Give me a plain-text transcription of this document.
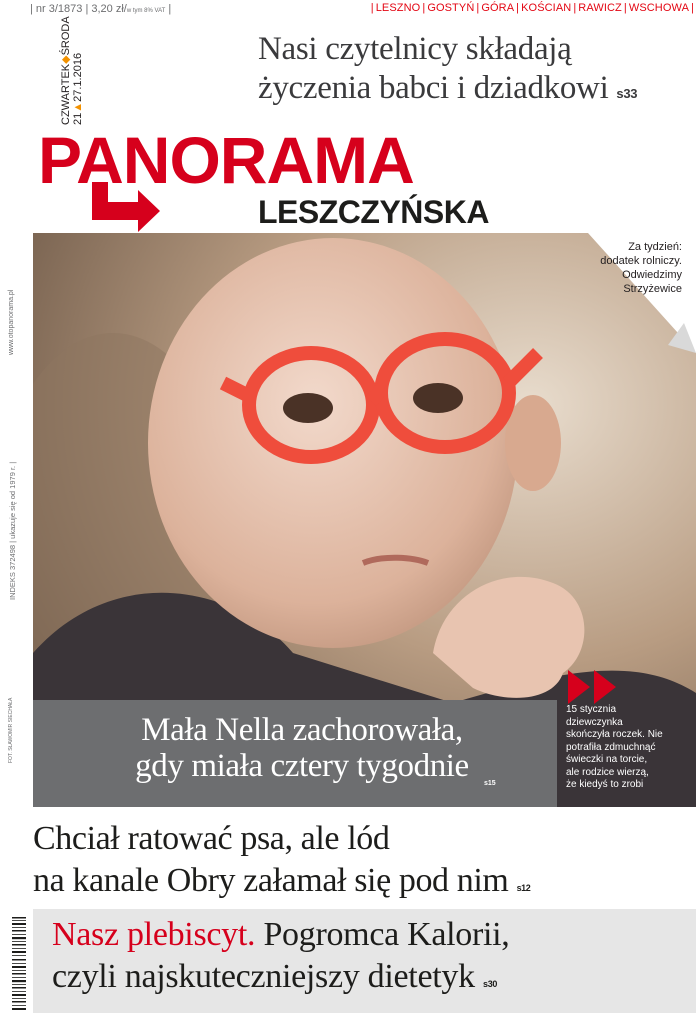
| nr 3/1873 | 3,20 zł/w tym 8% VAT |	| LESZNO | GOSTYŃ | GÓRA | KOŚCIAN | RAWICZ | WSCHOWA |
CZWARTEK◆ŚRODA
21▲27.1.2016
Nasi czytelnicy składają
życzenia babci i dziadkowi s33
PANORAMA
LESZCZYŃSKA
www.otopanorama.pl
INDEKS 372498 | ukazuje się od 1979 r. |
FOT. SŁAWOMIR SIECHAŁA
Za tydzień:
dodatek rolniczy.
Odwiedzimy
Strzyżewice
Mała Nella zachorowała,
gdy miała cztery tygodnie	s15
15 stycznia
dziewczynka
skończyła roczek. Nie
potrafiła zdmuchnąć
świeczki na torcie,
ale rodzice wierzą,
że kiedyś to zrobi
Chciał ratować psa, ale lód
na kanale Obry załamał się pod nim s12
Nasz plebiscyt. Pogromca Kalorii,
czyli najskuteczniejszy dietetyk s30
